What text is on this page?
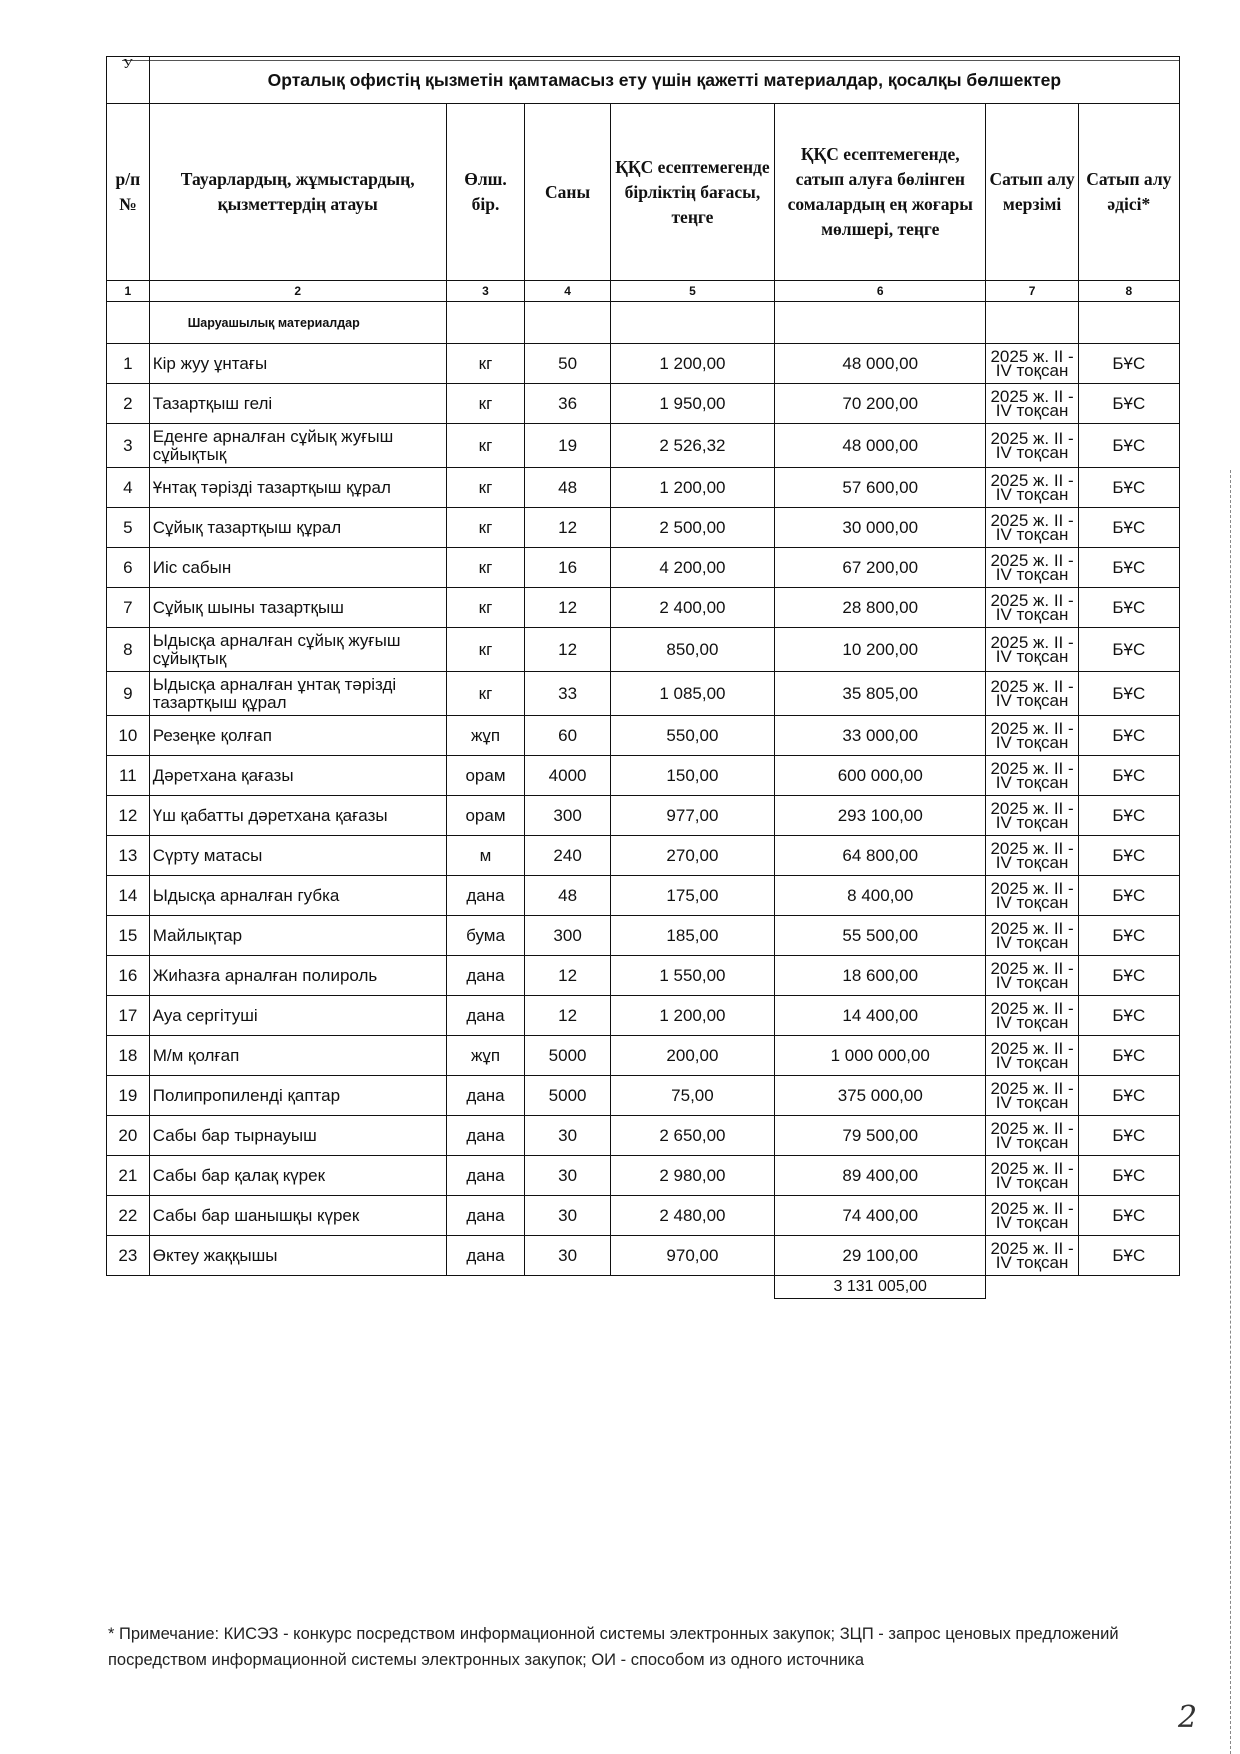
У	Орталық офистің қызметін қамтамасыз ету үшін қажетті материалдар, қосалқы бөлшектер						
р/п №	Тауарлардың, жұмыстардың, қызметтердің атауы	Өлш. бір.	Саны	ҚҚС есептемегенде бірліктің бағасы, теңге	ҚҚС есептемегенде, сатып алуға бөлінген сомалардың ең жоғары мөлшері, теңге	Сатып алу мерзімі	Сатып алу әдісі*
1	2	3	4	5	6	7	8
	Шаруашылық материалдар						
1	Кір жуу ұнтағы	кг	50	1 200,00	48 000,00	2025 ж. II - IV тоқсан	БҰС
2	Тазартқыш гелі	кг	36	1 950,00	70 200,00	2025 ж. II - IV тоқсан	БҰС
3	Еденге арналған сұйық жуғыш сұйықтық	кг	19	2 526,32	48 000,00	2025 ж. II - IV тоқсан	БҰС
4	Ұнтақ тәрізді тазартқыш құрал	кг	48	1 200,00	57 600,00	2025 ж. II - IV тоқсан	БҰС
5	Сұйық тазартқыш құрал	кг	12	2 500,00	30 000,00	2025 ж. II - IV тоқсан	БҰС
6	Иіс сабын	кг	16	4 200,00	67 200,00	2025 ж. II - IV тоқсан	БҰС
7	Сұйық шыны тазартқыш	кг	12	2 400,00	28 800,00	2025 ж. II - IV тоқсан	БҰС
8	Ыдысқа арналған сұйық жуғыш сұйықтық	кг	12	850,00	10 200,00	2025 ж. II - IV тоқсан	БҰС
9	Ыдысқа арналған ұнтақ тәрізді тазартқыш құрал	кг	33	1 085,00	35 805,00	2025 ж. II - IV тоқсан	БҰС
10	Резеңке қолғап	жұп	60	550,00	33 000,00	2025 ж. II - IV тоқсан	БҰС
11	Дәретхана қағазы	орам	4000	150,00	600 000,00	2025 ж. II - IV тоқсан	БҰС
12	Үш қабатты дәретхана қағазы	орам	300	977,00	293 100,00	2025 ж. II - IV тоқсан	БҰС
13	Сүрту матасы	м	240	270,00	64 800,00	2025 ж. II - IV тоқсан	БҰС
14	Ыдысқа арналған губка	дана	48	175,00	8 400,00	2025 ж. II - IV тоқсан	БҰС
15	Майлықтар	бума	300	185,00	55 500,00	2025 ж. II - IV тоқсан	БҰС
16	Жиһазға арналған полироль	дана	12	1 550,00	18 600,00	2025 ж. II - IV тоқсан	БҰС
17	Ауа сергітуші	дана	12	1 200,00	14 400,00	2025 ж. II - IV тоқсан	БҰС
18	М/м қолғап	жұп	5000	200,00	1 000 000,00	2025 ж. II - IV тоқсан	БҰС
19	Полипропиленді қаптар	дана	5000	75,00	375 000,00	2025 ж. II - IV тоқсан	БҰС
20	Сабы бар тырнауыш	дана	30	2 650,00	79 500,00	2025 ж. II - IV тоқсан	БҰС
21	Сабы бар қалақ күрек	дана	30	2 980,00	89 400,00	2025 ж. II - IV тоқсан	БҰС
22	Сабы бар шанышқы күрек	дана	30	2 480,00	74 400,00	2025 ж. II - IV тоқсан	БҰС
23	Өктеу жаққышы	дана	30	970,00	29 100,00	2025 ж. II - IV тоқсан	БҰС
					3 131 005,00		
* Примечание: КИСЭЗ - конкурс посредством информационной системы электронных закупок; ЗЦП - запрос ценовых предложений посредством информационной системы электронных закупок; ОИ - способом из одного источника
2
